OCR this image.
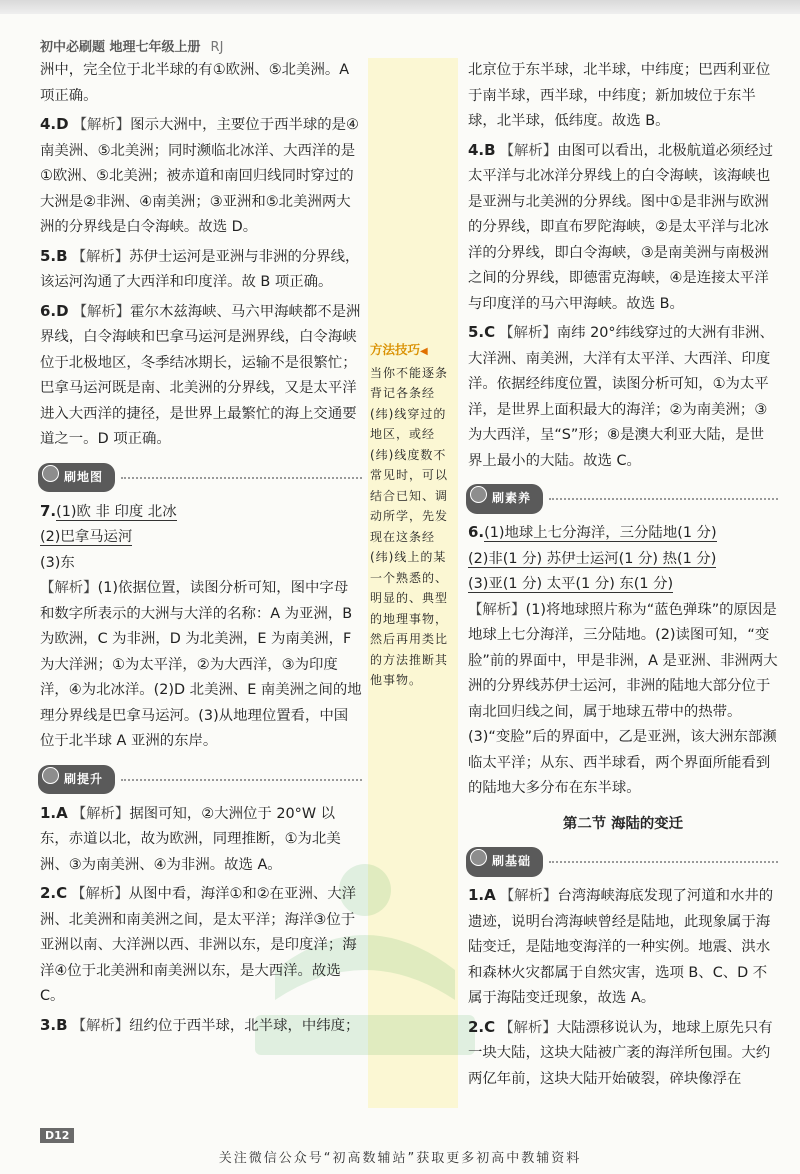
初中必刷题 地理七年级上册 RJ

洲中，完全位于北半球的有①欧洲、⑤北美洲。A 项正确。

4.D 【解析】图示大洲中，主要位于西半球的是④南美洲、⑤北美洲；同时濒临北冰洋、大西洋的是①欧洲、⑤北美洲；被赤道和南回归线同时穿过的大洲是②非洲、④南美洲；③亚洲和⑤北美洲两大洲的分界线是白令海峡。故选 D。

5.B 【解析】苏伊士运河是亚洲与非洲的分界线，该运河沟通了大西洋和印度洋。故 B 项正确。

6.D 【解析】霍尔木兹海峡、马六甲海峡都不是洲界线，白令海峡和巴拿马运河是洲界线，白令海峡位于北极地区，冬季结冰期长，运输不是很繁忙；巴拿马运河既是南、北美洲的分界线，又是太平洋进入大西洋的捷径，是世界上最繁忙的海上交通要道之一。D 项正确。

刷地图

7.(1)欧 非 印度 北冰

(2)巴拿马运河

(3)东

【解析】(1)依据位置，读图分析可知，图中字母和数字所表示的大洲与大洋的名称：A 为亚洲，B 为欧洲，C 为非洲，D 为北美洲，E 为南美洲，F 为大洋洲；①为太平洋，②为大西洋，③为印度洋，④为北冰洋。(2)D 北美洲、E 南美洲之间的地理分界线是巴拿马运河。(3)从地理位置看，中国位于北半球 A 亚洲的东岸。

刷提升

1.A 【解析】据图可知，②大洲位于 20°W 以东，赤道以北，故为欧洲，同理推断，①为北美洲、③为南美洲、④为非洲。故选 A。

2.C 【解析】从图中看，海洋①和②在亚洲、大洋洲、北美洲和南美洲之间，是太平洋；海洋③位于亚洲以南、大洋洲以西、非洲以东，是印度洋；海洋④位于北美洲和南美洲以东，是大西洋。故选 C。

3.B 【解析】纽约位于西半球，北半球，中纬度；

方法技巧◀
当你不能逐条背记各条经(纬)线穿过的地区，或经(纬)线度数不常见时，可以结合已知、调动所学，先发现在这条经(纬)线上的某一个熟悉的、明显的、典型的地理事物，然后再用类比的方法推断其他事物。

北京位于东半球，北半球，中纬度；巴西利亚位于南半球，西半球，中纬度；新加坡位于东半球，北半球，低纬度。故选 B。

4.B 【解析】由图可以看出，北极航道必须经过太平洋与北冰洋分界线上的白令海峡，该海峡也是亚洲与北美洲的分界线。图中①是非洲与欧洲的分界线，即直布罗陀海峡，②是太平洋与北冰洋的分界线，即白令海峡，③是南美洲与南极洲之间的分界线，即德雷克海峡，④是连接太平洋与印度洋的马六甲海峡。故选 B。

5.C 【解析】南纬 20°纬线穿过的大洲有非洲、大洋洲、南美洲，大洋有太平洋、大西洋、印度洋。依据经纬度位置，读图分析可知，①为太平洋，是世界上面积最大的海洋；②为南美洲；③为大西洋，呈“S”形；⑧是澳大利亚大陆，是世界上最小的大陆。故选 C。

刷素养

6.(1)地球上七分海洋，三分陆地(1 分)

(2)非(1 分) 苏伊士运河(1 分) 热(1 分)

(3)亚(1 分) 太平(1 分) 东(1 分)

【解析】(1)将地球照片称为“蓝色弹珠”的原因是地球上七分海洋，三分陆地。(2)读图可知，“变脸”前的界面中，甲是非洲，A 是亚洲、非洲两大洲的分界线苏伊士运河，非洲的陆地大部分位于南北回归线之间，属于地球五带中的热带。(3)“变脸”后的界面中，乙是亚洲，该大洲东部濒临太平洋；从东、西半球看，两个界面所能看到的陆地大多分布在东半球。

第二节 海陆的变迁

刷基础

1.A 【解析】台湾海峡海底发现了河道和水井的遗迹，说明台湾海峡曾经是陆地，此现象属于海陆变迁，是陆地变海洋的一种实例。地震、洪水和森林火灾都属于自然灾害，选项 B、C、D 不属于海陆变迁现象，故选 A。

2.C 【解析】大陆漂移说认为，地球上原先只有一块大陆，这块大陆被广袤的海洋所包围。大约两亿年前，这块大陆开始破裂，碎块像浮在

D12
关注微信公众号“初高数辅站”获取更多初高中教辅资料
